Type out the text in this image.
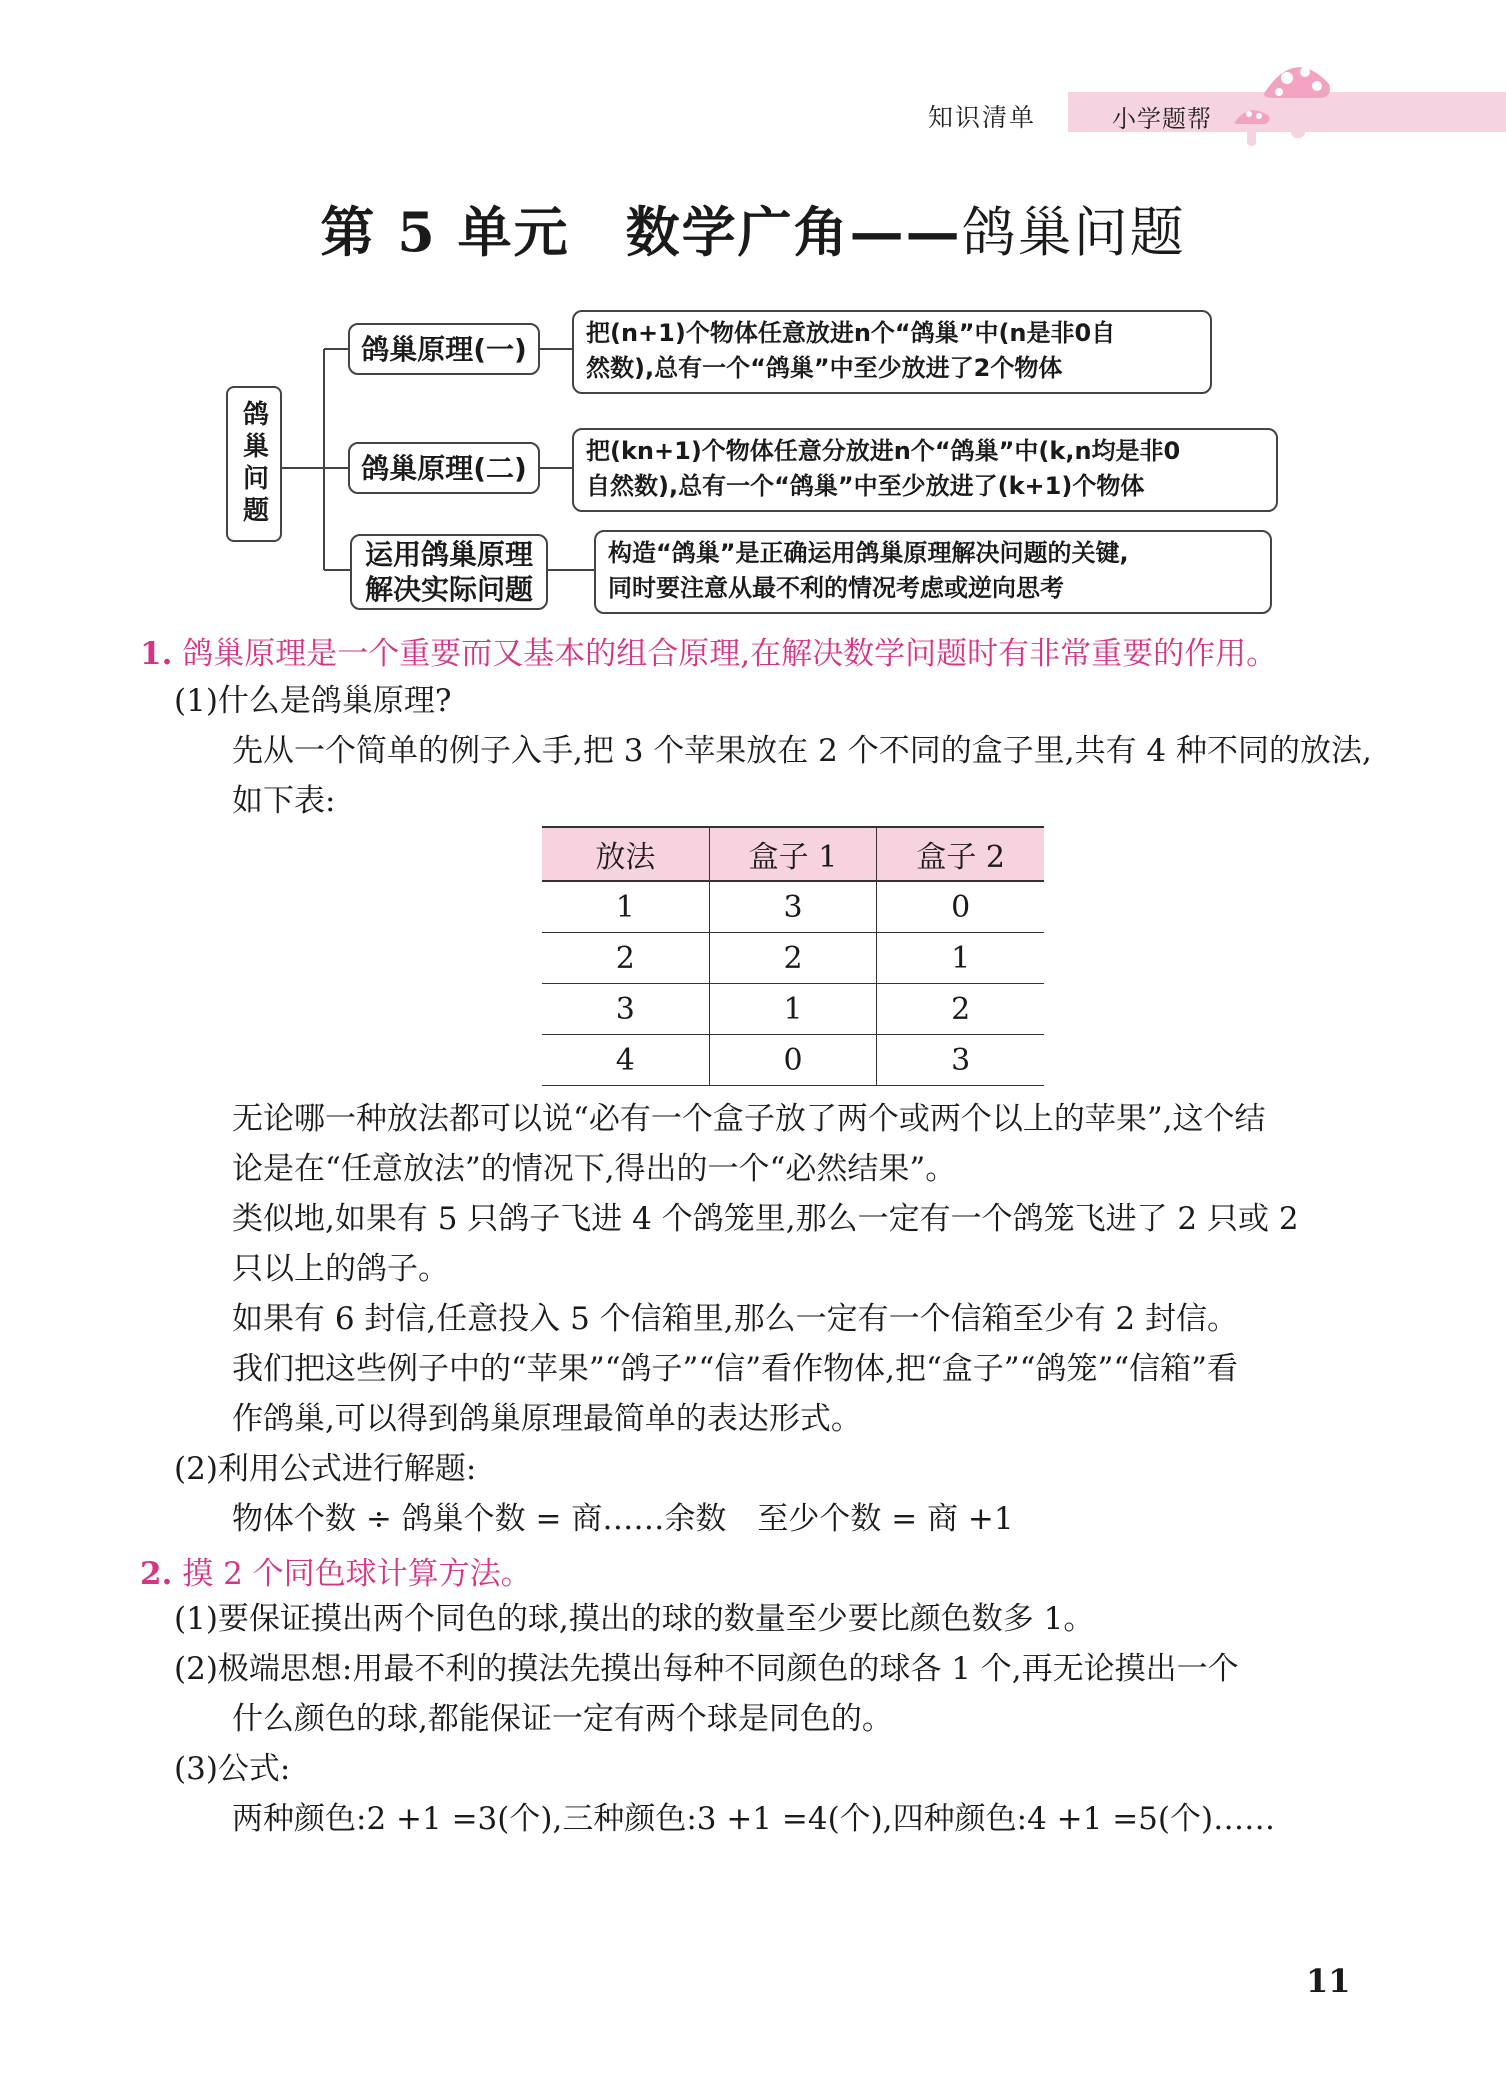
知识清单	小学题帮
第 5 单元　数学广角——鸽巢问题
鸽巢问题
鸽巢原理(一) 把(n+1)个物体任意放进n个“鸽巢”中(n是非0自
然数),总有一个“鸽巢”中至少放进了2个物体
鸽巢原理(二)
把(kn+1)个物体任意分放进n个“鸽巢”中(k,n均是非0
自然数),总有一个“鸽巢”中至少放进了(k+1)个物体
运用鸽巢原理
解决实际问题
构造“鸽巢”是正确运用鸽巢原理解决问题的关键,
同时要注意从最不利的情况考虑或逆向思考
1. 鸽巢原理是一个重要而又基本的组合原理,在解决数学问题时有非常重要的作用。
(1)什么是鸽巢原理?
先从一个简单的例子入手,把 3 个苹果放在 2 个不同的盒子里,共有 4 种不同的放法,
如下表:
放法	盒子 1	盒子 2
1	3	0
2	2	1
3	1	2
4	0	3
无论哪一种放法都可以说“必有一个盒子放了两个或两个以上的苹果”,这个结
论是在“任意放法”的情况下,得出的一个“必然结果”。
类似地,如果有 5 只鸽子飞进 4 个鸽笼里,那么一定有一个鸽笼飞进了 2 只或 2
只以上的鸽子。
如果有 6 封信,任意投入 5 个信箱里,那么一定有一个信箱至少有 2 封信。
我们把这些例子中的“苹果”“鸽子”“信”看作物体,把“盒子”“鸽笼”“信箱”看
作鸽巢,可以得到鸽巢原理最简单的表达形式。
(2)利用公式进行解题:
物体个数 ÷ 鸽巢个数 = 商……余数　至少个数 = 商 +1
2. 摸 2 个同色球计算方法。
(1)要保证摸出两个同色的球,摸出的球的数量至少要比颜色数多 1。
(2)极端思想:用最不利的摸法先摸出每种不同颜色的球各 1 个,再无论摸出一个
什么颜色的球,都能保证一定有两个球是同色的。
(3)公式:
两种颜色:2 +1 =3(个),三种颜色:3 +1 =4(个),四种颜色:4 +1 =5(个)……
11
